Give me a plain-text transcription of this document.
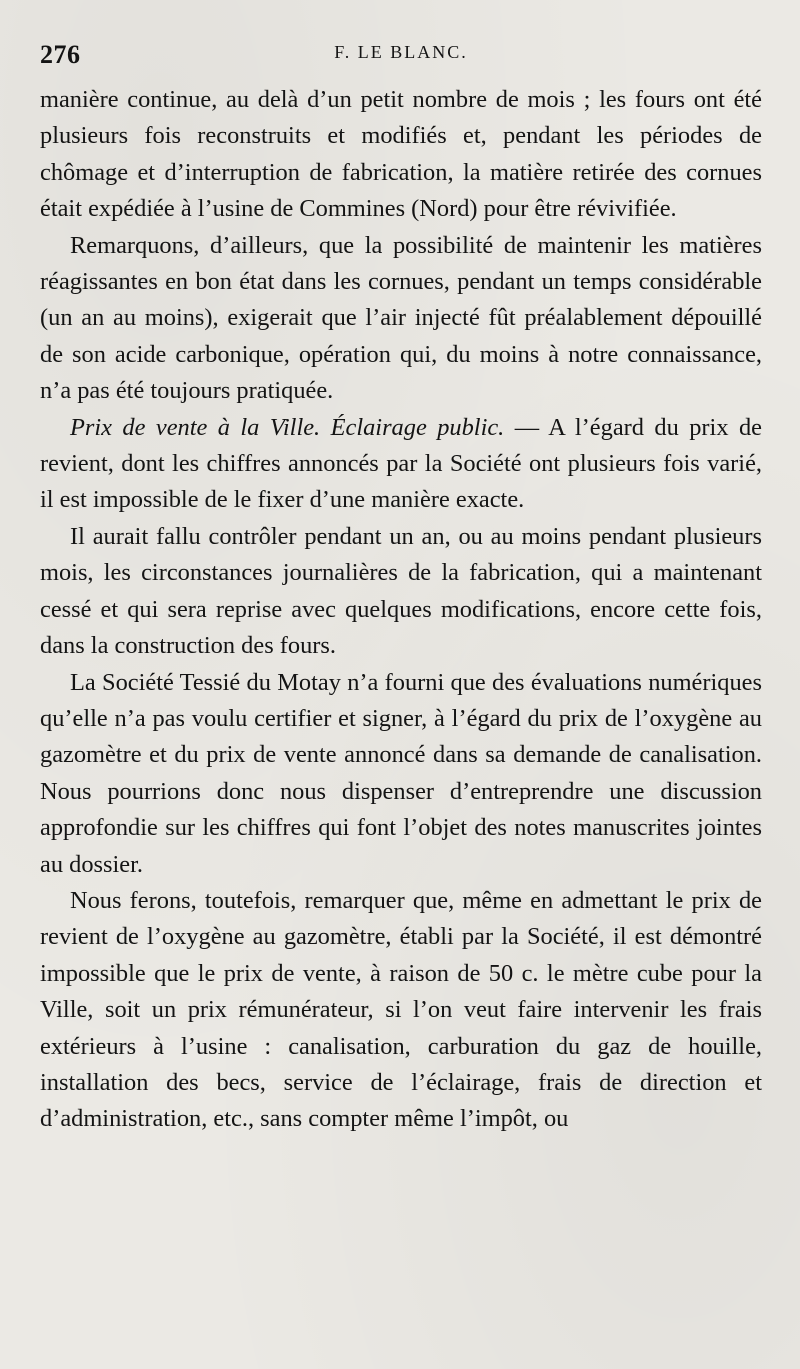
276	F. LE BLANC.

manière continue, au delà d’un petit nombre de mois ; les fours ont été plusieurs fois reconstruits et modifiés et, pendant les périodes de chômage et d’interruption de fabrication, la matière retirée des cornues était expédiée à l’usine de Commines (Nord) pour être révivifiée.

Remarquons, d’ailleurs, que la possibilité de maintenir les matières réagissantes en bon état dans les cornues, pendant un temps considérable (un an au moins), exigerait que l’air injecté fût préalablement dépouillé de son acide carbonique, opération qui, du moins à notre connaissance, n’a pas été toujours pratiquée.

Prix de vente à la Ville. Éclairage public. — A l’égard du prix de revient, dont les chiffres annoncés par la Société ont plusieurs fois varié, il est impossible de le fixer d’une manière exacte.

Il aurait fallu contrôler pendant un an, ou au moins pendant plusieurs mois, les circonstances journalières de la fabrication, qui a maintenant cessé et qui sera reprise avec quelques modifications, encore cette fois, dans la construction des fours.

La Société Tessié du Motay n’a fourni que des évaluations numériques qu’elle n’a pas voulu certifier et signer, à l’égard du prix de l’oxygène au gazomètre et du prix de vente annoncé dans sa demande de canalisation. Nous pourrions donc nous dispenser d’entreprendre une discussion approfondie sur les chiffres qui font l’objet des notes manuscrites jointes au dossier.

Nous ferons, toutefois, remarquer que, même en admettant le prix de revient de l’oxygène au gazomètre, établi par la Société, il est démontré impossible que le prix de vente, à raison de 50 c. le mètre cube pour la Ville, soit un prix rémunérateur, si l’on veut faire intervenir les frais extérieurs à l’usine : canalisation, carburation du gaz de houille, installation des becs, service de l’éclairage, frais de direction et d’administration, etc., sans compter même l’impôt, ou
